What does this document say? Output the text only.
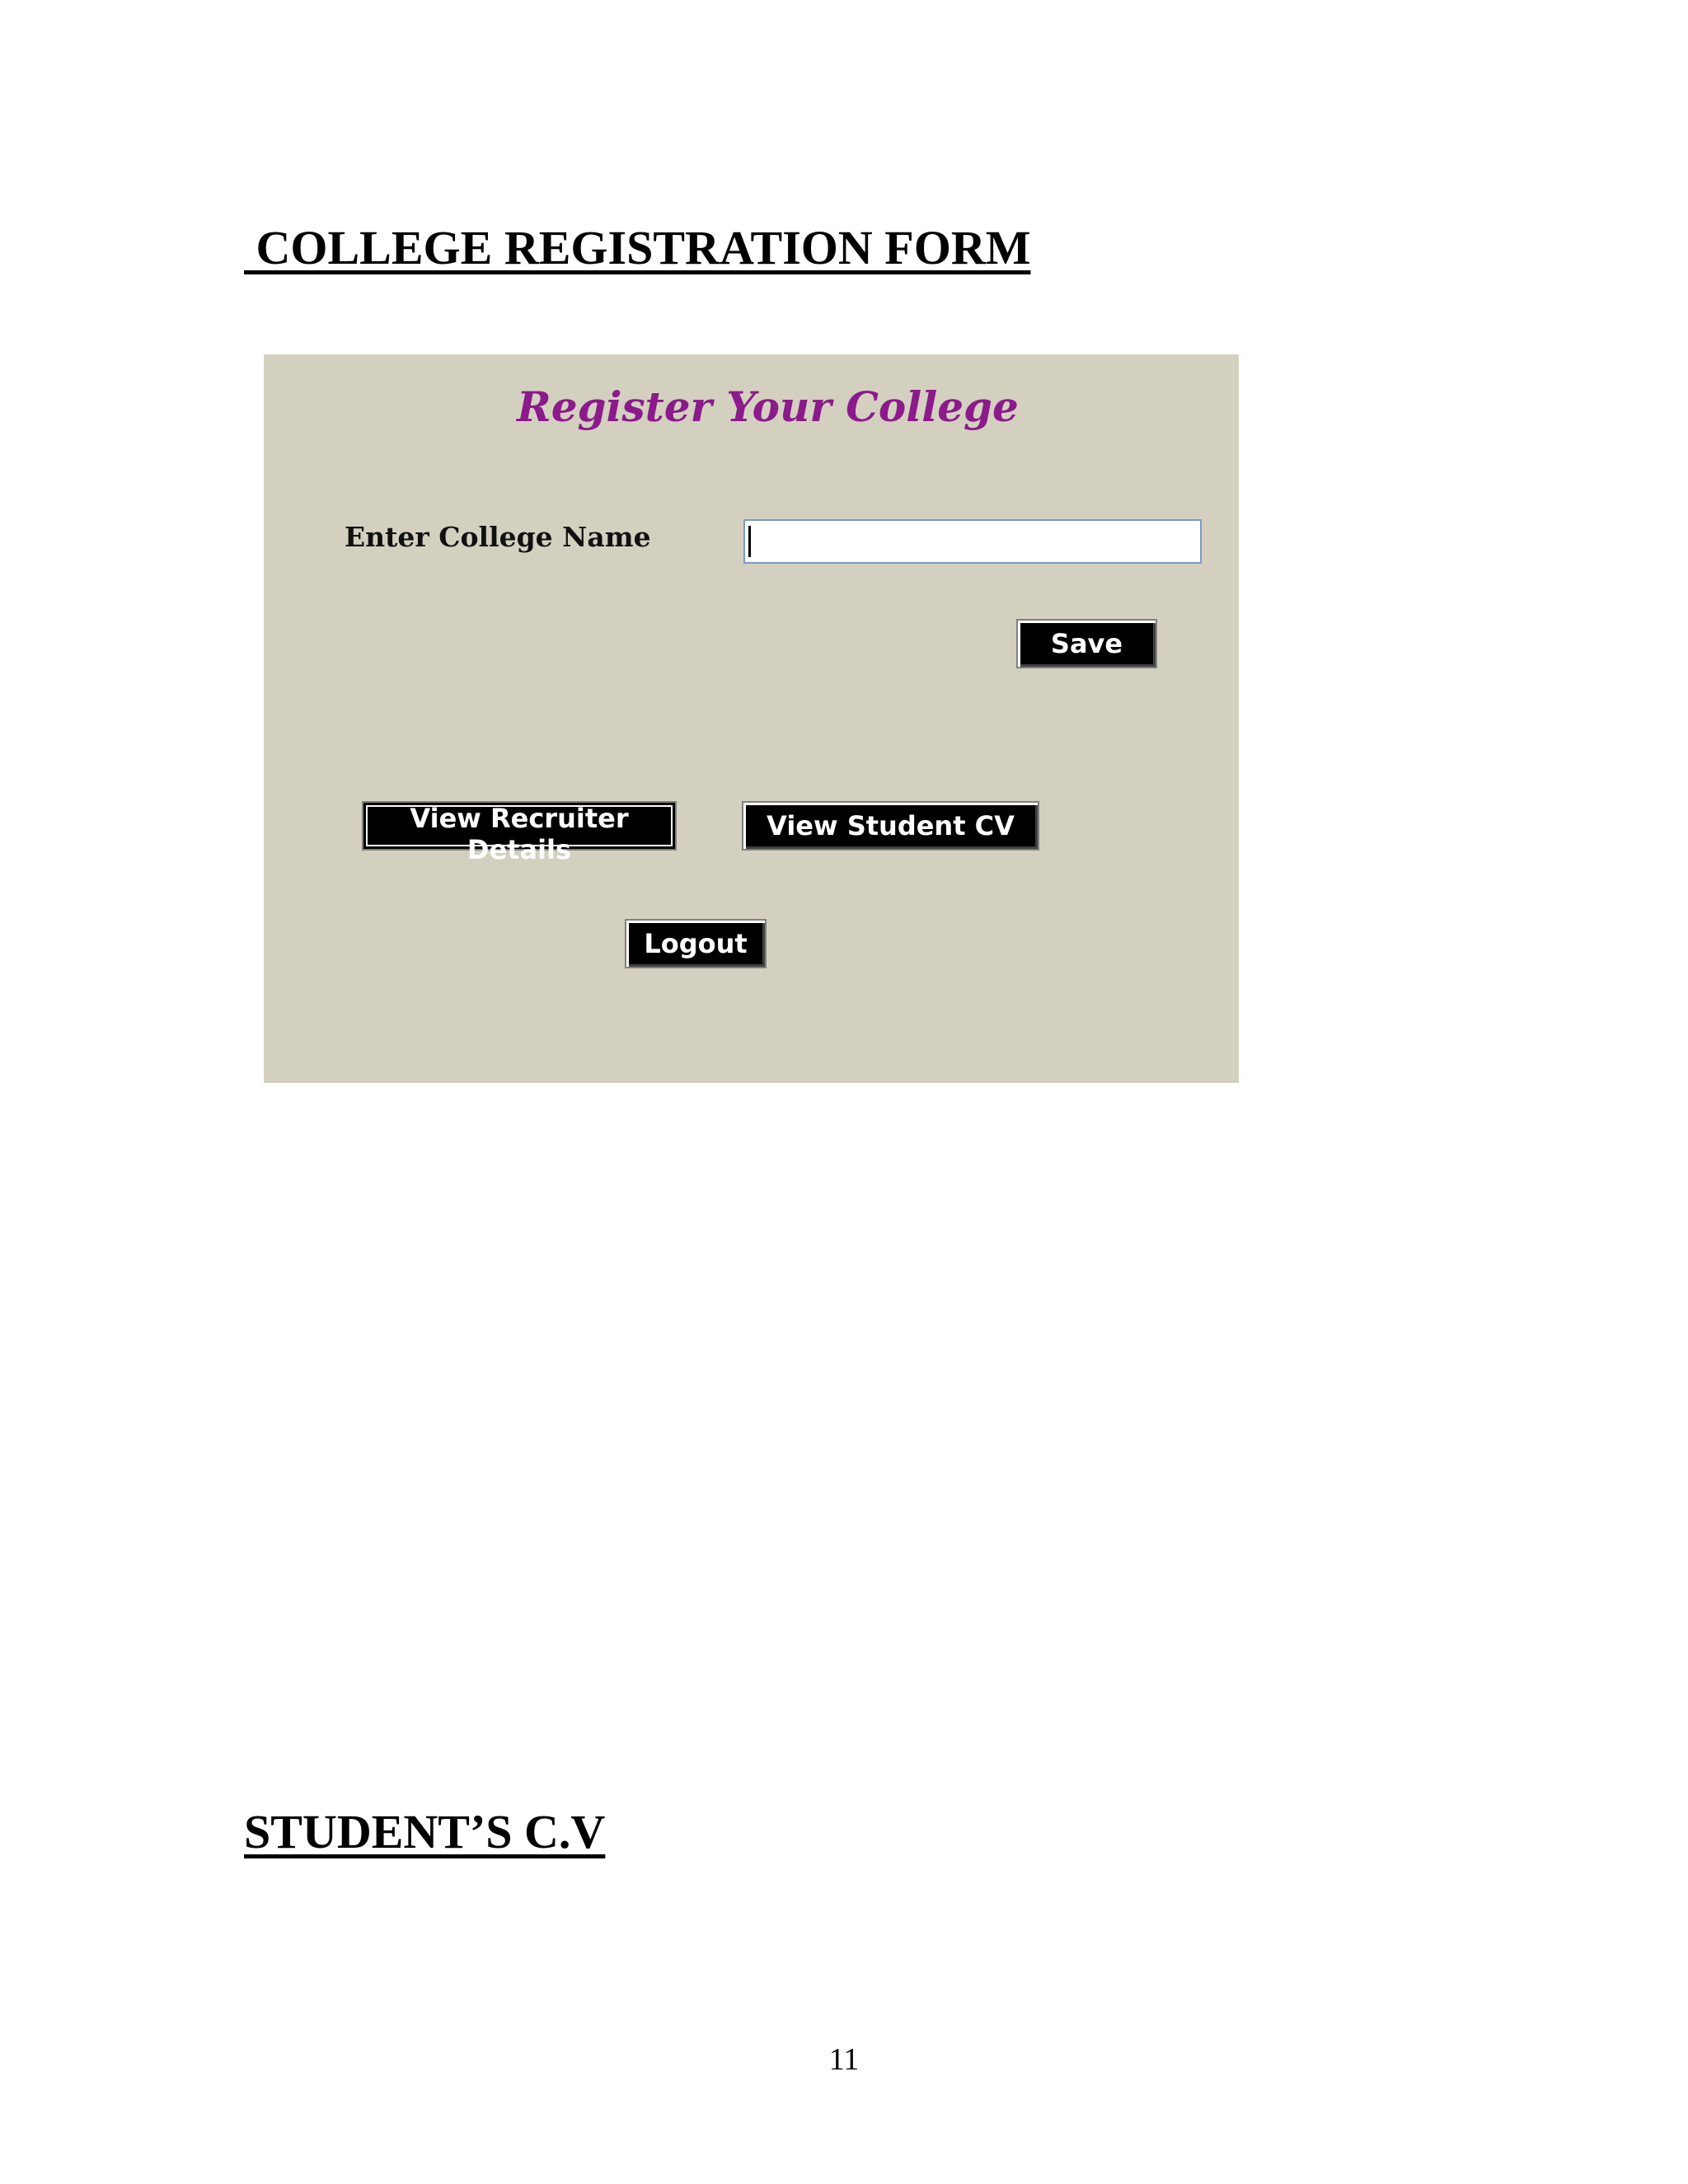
COLLEGE REGISTRATION FORM
Register Your College
Enter College Name
Save
View Recruiter Details
View Student CV
Logout
STUDENT’S C.V
11
